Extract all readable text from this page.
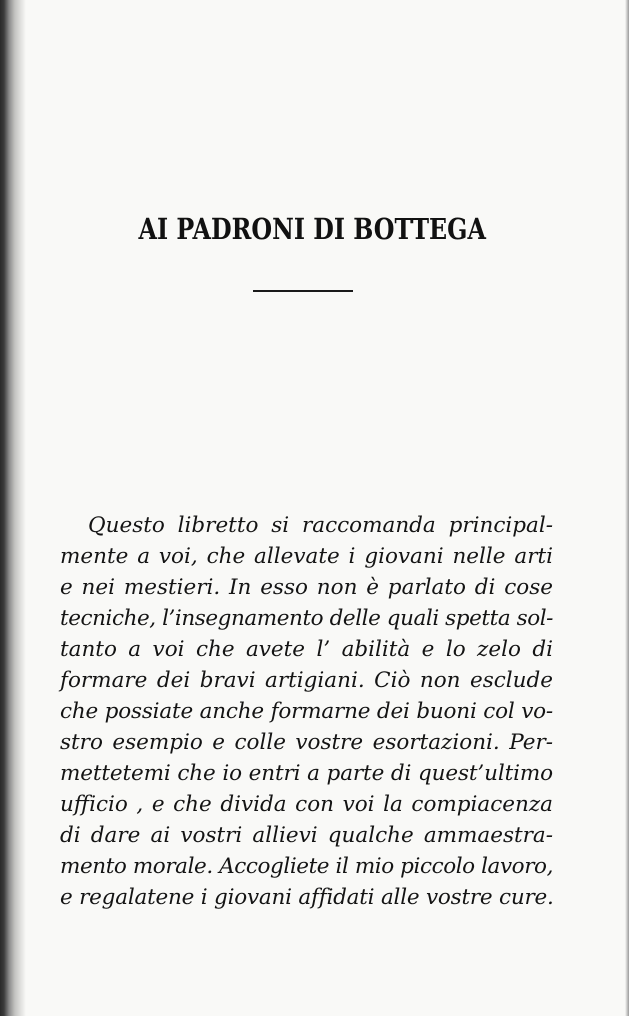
AI PADRONI DI BOTTEGA
Questo libretto si raccomanda principal-
mente a voi, che allevate i giovani nelle arti
e nei mestieri. In esso non è parlato di cose
tecniche, l’insegnamento delle quali spetta sol-
tanto a voi che avete l’ abilità e lo zelo di
formare dei bravi artigiani. Ciò non esclude
che possiate anche formarne dei buoni col vo-
stro esempio e colle vostre esortazioni. Per-
mettetemi che io entri a parte di quest’ultimo
ufficio , e che divida con voi la compiacenza
di dare ai vostri allievi qualche ammaestra-
mento morale. Accogliete il mio piccolo lavoro,
e regalatene i giovani affidati alle vostre cure.
